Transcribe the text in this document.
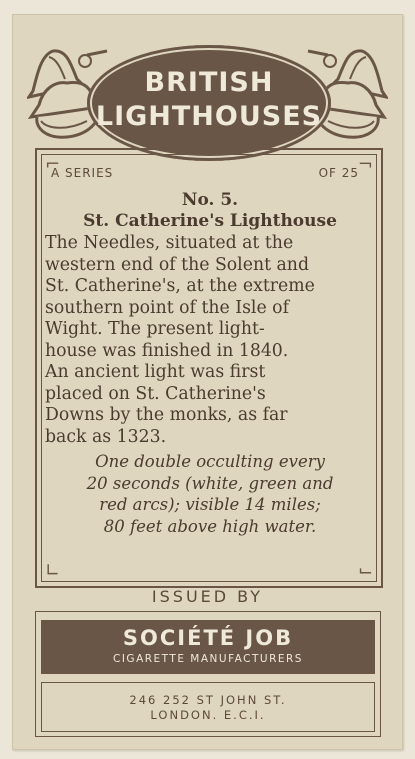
BRITISH
LIGHTHOUSES
⌐	¬
∟	⌙
A SERIES	OF 25
No. 5.
St. Catherine's Lighthouse
The Needles, situated at the
western end of the Solent and
St. Catherine's, at the extreme
southern point of the Isle of
Wight. The present light-
house was finished in 1840.
An ancient light was first
placed on St. Catherine's
Downs by the monks, as far
back as 1323.
One double occulting every
20 seconds (white, green and
red arcs); visible 14 miles;
80 feet above high water.
ISSUED BY
SOCIÉTÉ JOB
CIGARETTE MANUFACTURERS
246 252 ST JOHN ST.
LONDON. E.C.I.
